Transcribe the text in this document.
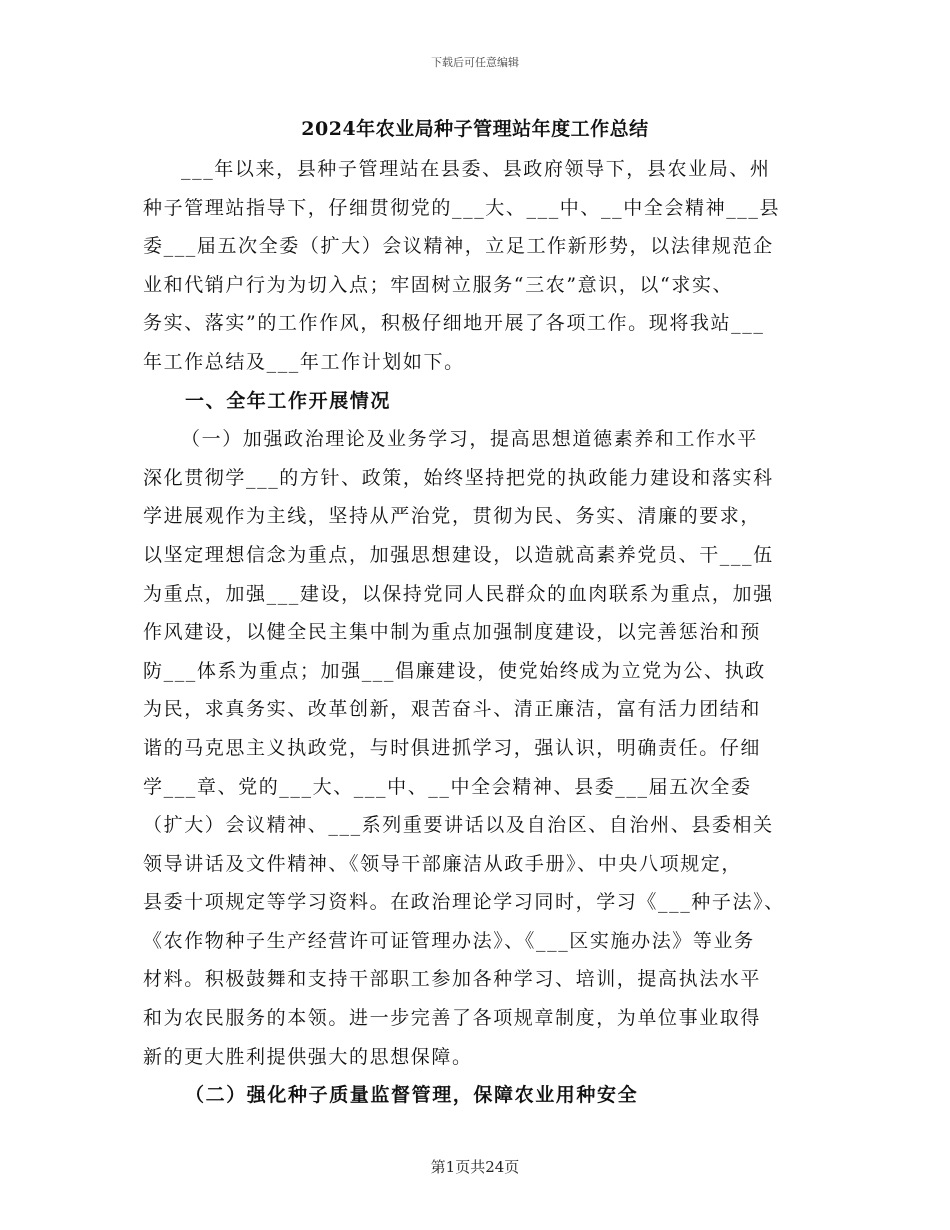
下载后可任意编辑
2024年农业局种子管理站年度工作总结
___年以来，县种子管理站在县委、县政府领导下，县农业局、州
种子管理站指导下，仔细贯彻党的___大、___中、__中全会精神___县
委___届五次全委（扩大）会议精神，立足工作新形势，以法律规范企
业和代销户行为为切入点；牢固树立服务“三农”意识，以“求实、
务实、落实”的工作作风，积极仔细地开展了各项工作。现将我站___
年工作总结及___年工作计划如下。
一、全年工作开展情况
（一）加强政治理论及业务学习，提高思想道德素养和工作水平
深化贯彻学___的方针、政策，始终坚持把党的执政能力建设和落实科
学进展观作为主线，坚持从严治党，贯彻为民、务实、清廉的要求，
以坚定理想信念为重点，加强思想建设，以造就高素养党员、干___伍
为重点，加强___建设，以保持党同人民群众的血肉联系为重点，加强
作风建设，以健全民主集中制为重点加强制度建设，以完善惩治和预
防___体系为重点；加强___倡廉建设，使党始终成为立党为公、执政
为民，求真务实、改革创新，艰苦奋斗、清正廉洁，富有活力团结和
谐的马克思主义执政党，与时俱进抓学习，强认识，明确责任。仔细
学___章、党的___大、___中、__中全会精神、县委___届五次全委
（扩大）会议精神、___系列重要讲话以及自治区、自治州、县委相关
领导讲话及文件精神、《领导干部廉洁从政手册》、中央八项规定，
县委十项规定等学习资料。在政治理论学习同时，学习《___种子法》、
《农作物种子生产经营许可证管理办法》、《___区实施办法》等业务
材料。积极鼓舞和支持干部职工参加各种学习、培训，提高执法水平
和为农民服务的本领。进一步完善了各项规章制度，为单位事业取得
新的更大胜利提供强大的思想保障。
（二）强化种子质量监督管理，保障农业用种安全
第1页共24页
